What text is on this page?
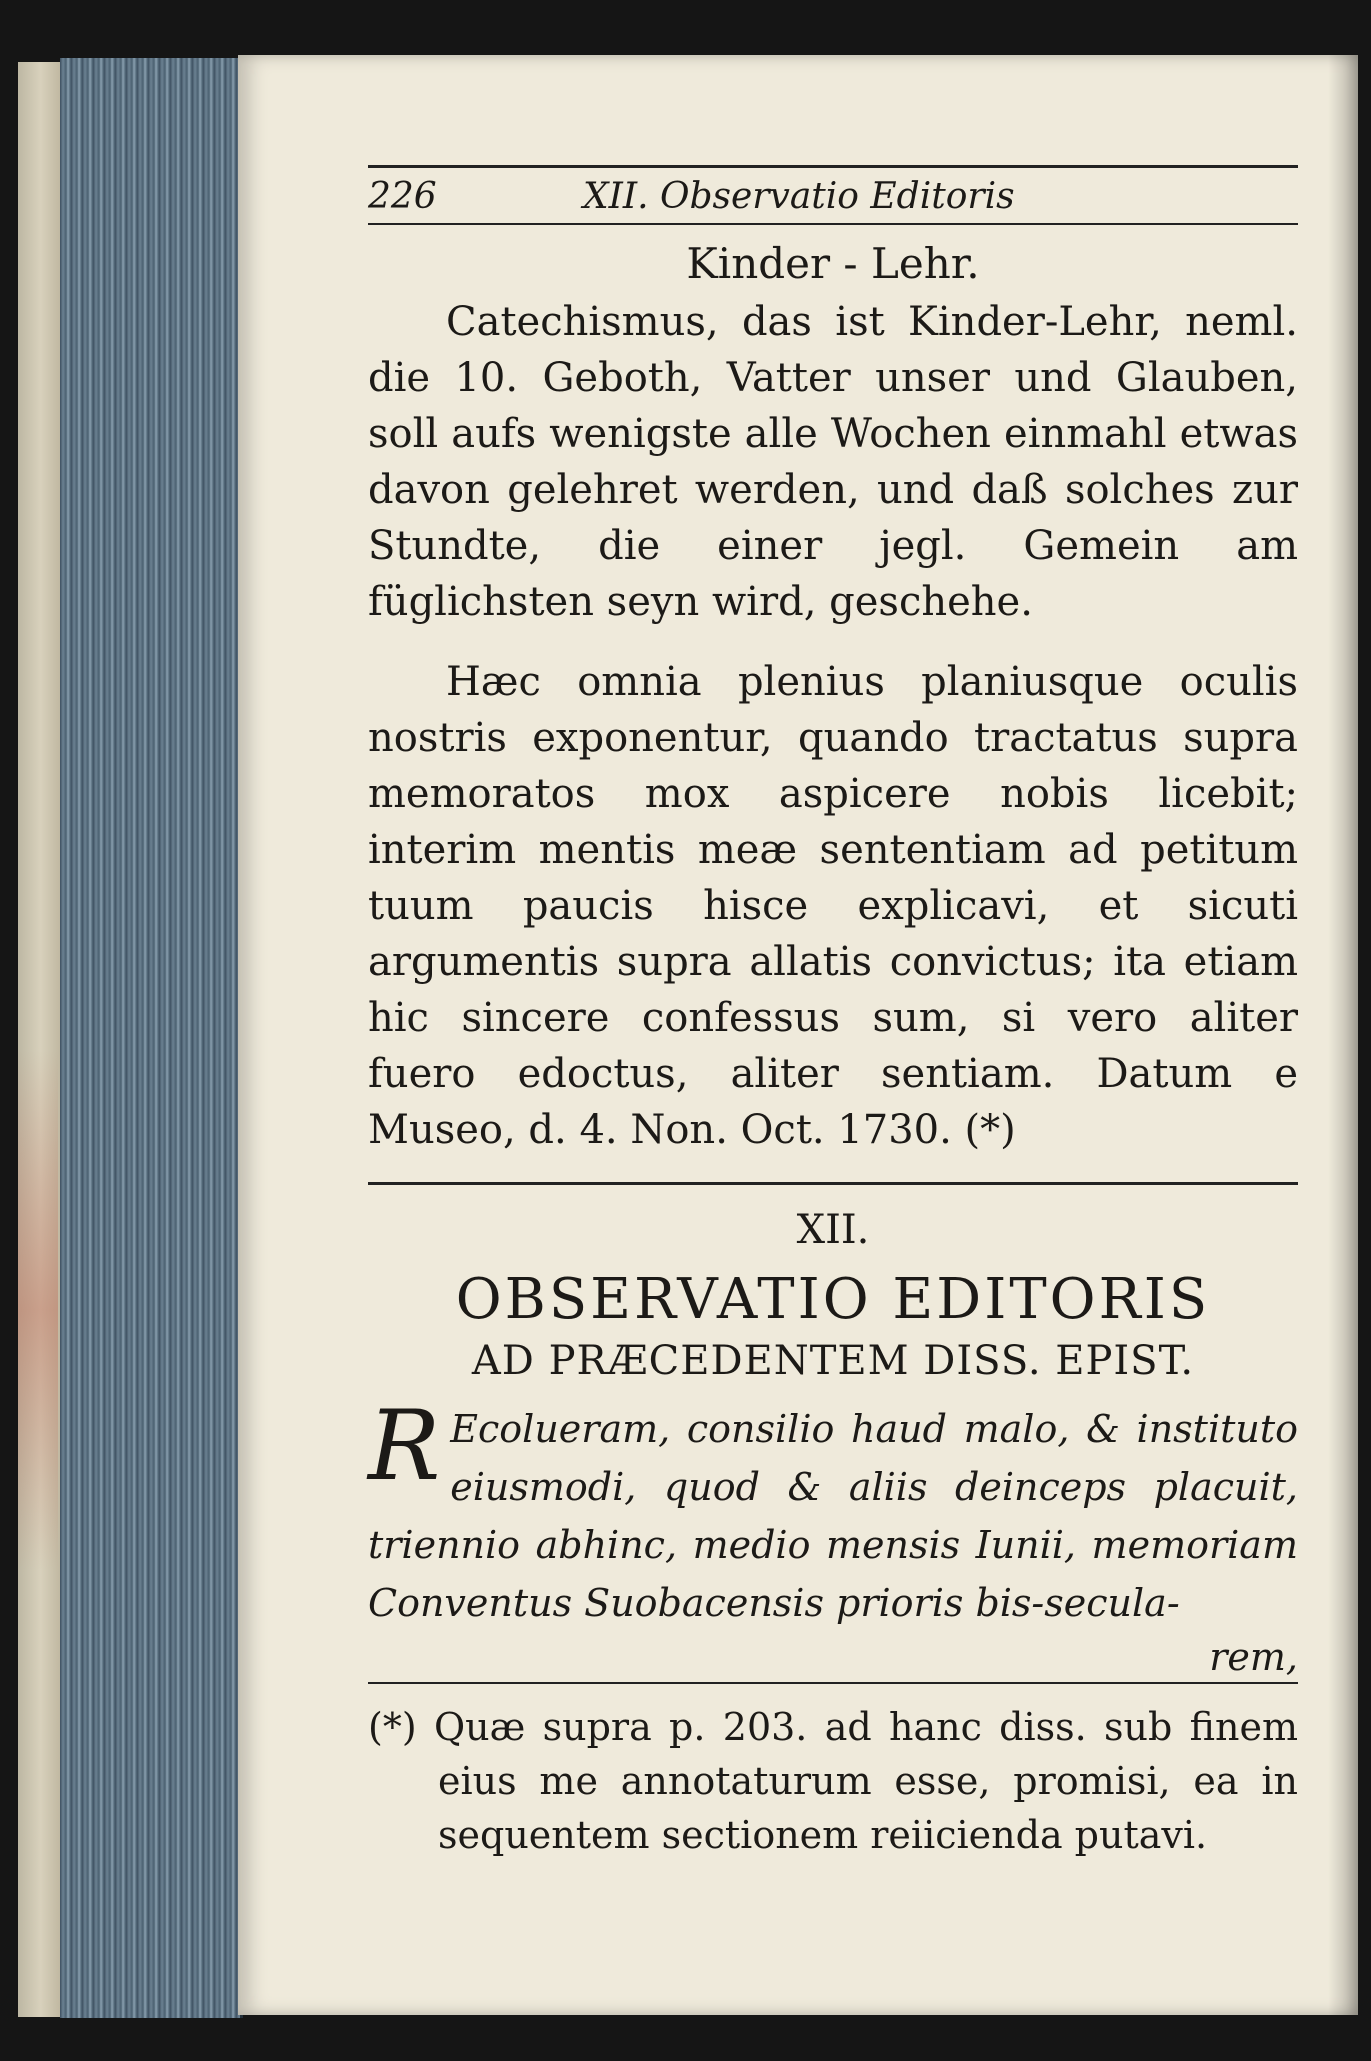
226	XII. Observatio Editoris
Kinder - Lehr.

Catechismus, das ist Kinder-Lehr, neml. die 10. Geboth, Vatter unser und Glauben, soll aufs wenigste alle Wochen einmahl etwas davon gelehret werden, und daß solches zur Stundte, die einer jegl. Gemein am füglichsten seyn wird, geschehe.

Hæc omnia plenius planiusque oculis nostris exponentur, quando tractatus supra memoratos mox aspicere nobis licebit; interim mentis meæ sententiam ad petitum tuum paucis hisce explicavi, et sicuti argumentis supra allatis convictus; ita etiam hic sincere confessus sum, si vero aliter fuero edoctus, aliter sentiam. Datum e Museo, d. 4. Non. Oct. 1730. (*)

XII.
OBSERVATIO EDITORIS
AD PRÆCEDENTEM DISS. EPIST.

R Ecolueram, consilio haud malo, & instituto eiusmodi, quod & aliis deinceps placuit, triennio abhinc, medio mensis Iunii, memoriam Conventus Suobacensis prioris bis-secula-

rem,

(*) Quæ supra p. 203. ad hanc diss. sub finem eius me annotaturum esse, promisi, ea in sequentem sectionem reiicienda putavi.
